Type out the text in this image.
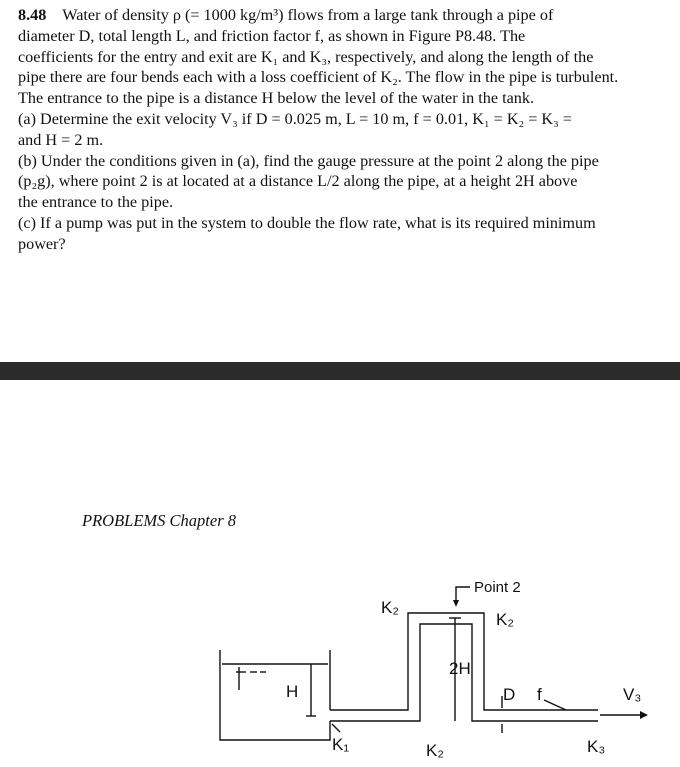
8.48 Water of density ρ (= 1000 kg/m³) flows from a large tank through a pipe of
diameter D, total length L, and friction factor f, as shown in Figure P8.48. The
coefficients for the entry and exit are K₁ and K₃, respectively, and along the length of the
pipe there are four bends each with a loss coefficient of K₂. The flow in the pipe is turbulent.
The entrance to the pipe is a distance H below the level of the water in the tank.
(a) Determine the exit velocity V₃ if D = 0.025 m, L = 10 m, f = 0.01, K₁ = K₂ = K₃ =
and H = 2 m.
(b) Under the conditions given in (a), find the gauge pressure at the point 2 along the pipe
(p₂g), where point 2 is at located at a distance L/2 along the pipe, at a height 2H above
the entrance to the pipe.
(c) If a pump was put in the system to double the flow rate, what is its required minimum
power?
PROBLEMS Chapter 8
Point 2
K₂
K₂
2H
H	D f	V₃
K₁	K₂	K₃
